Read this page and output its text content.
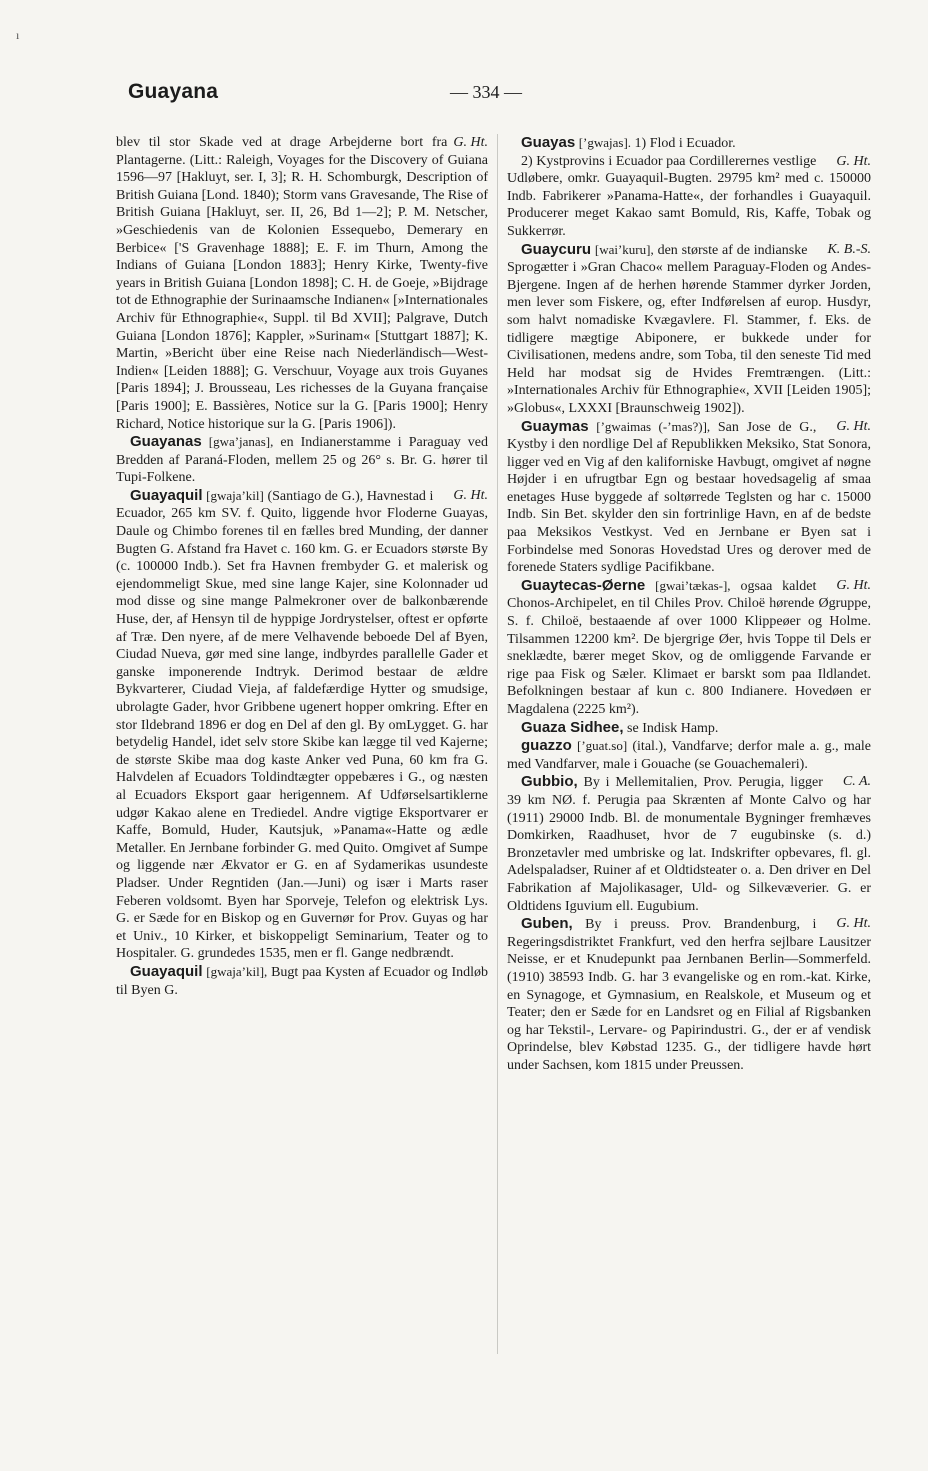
ı
Guayana	— 334 —

G. Ht.
blev til stor Skade ved at drage Arbejderne bort fra Plantagerne. (Litt.: Raleigh, Voyages for the Discovery of Guiana 1596—97 [Hakluyt, ser. I, 3]; R. H. Schomburgk, Description of British Guiana [Lond. 1840); Storm vans Gravesande, The Rise of British Guiana [Hakluyt, ser. II, 26, Bd 1—2]; P. M. Netscher, »Geschiedenis van de Kolonien Essequebo, Demerary en Berbice« ['S Gravenhage 1888]; E. F. im Thurn, Among the Indians of Guiana [London 1883]; Henry Kirke, Twenty-five years in British Guiana [London 1898]; C. H. de Goeje, »Bijdrage tot de Ethnographie der Surinaamsche Indianen« [»Internationales Archiv für Ethnographie«, Suppl. til Bd XVII]; Palgrave, Dutch Guiana [London 1876]; Kappler, »Surinam« [Stuttgart 1887]; K. Martin, »Bericht über eine Reise nach Niederländisch—West-Indien« [Leiden 1888]; G. Verschuur, Voyage aux trois Guyanes [Paris 1894]; J. Brousseau, Les richesses de la Guyana française [Paris 1900]; E. Bassières, Notice sur la G. [Paris 1900]; Henry Richard, Notice historique sur la G. [Paris 1906]).

Guayanas [gwaʼjanas], en Indianerstamme i Paraguay ved Bredden af Paraná-Floden, mellem 25 og 26° s. Br. G. hører til Tupi-Folkene.

G. Ht.
Guayaquil [gwajaʼkil] (Santiago de G.), Havnestad i Ecuador, 265 km SV. f. Quito, liggende hvor Floderne Guayas, Daule og Chimbo forenes til en fælles bred Munding, der danner Bugten G. Afstand fra Havet c. 160 km. G. er Ecuadors største By (c. 100000 Indb.). Set fra Havnen frembyder G. et malerisk og ejendommeligt Skue, med sine lange Kajer, sine Kolonnader ud mod disse og sine mange Palmekroner over de balkonbærende Huse, der, af Hensyn til de hyppige Jordrystelser, oftest er opførte af Træ. Den nyere, af de mere Velhavende beboede Del af Byen, Ciudad Nueva, gør med sine lange, indbyrdes parallelle Gader et ganske imponerende Indtryk. Derimod bestaar de ældre Bykvarterer, Ciudad Vieja, af faldefærdige Hytter og smudsige, ubrolagte Gader, hvor Gribbene ugenert hopper omkring. Efter en stor Ildebrand 1896 er dog en Del af den gl. By omLygget. G. har betydelig Handel, idet selv store Skibe kan lægge til ved Kajerne; de største Skibe maa dog kaste Anker ved Puna, 60 km fra G. Halvdelen af Ecuadors Toldindtægter oppebæres i G., og næsten al Ecuadors Eksport gaar herigennem. Af Udførselsartiklerne udgør Kakao alene en Trediedel. Andre vigtige Eksportvarer er Kaffe, Bomuld, Huder, Kautsjuk, »Panama«-Hatte og ædle Metaller. En Jernbane forbinder G. med Quito. Omgivet af Sumpe og liggende nær Ækvator er G. en af Sydamerikas usundeste Pladser. Under Regntiden (Jan.—Juni) og især i Marts raser Feberen voldsomt. Byen har Sporveje, Telefon og elektrisk Lys. G. er Sæde for en Biskop og en Guvernør for Prov. Guyas og har et Univ., 10 Kirker, et biskoppeligt Seminarium, Teater og to Hospitaler. G. grundedes 1535, men er fl. Gange nedbrændt.

Guayaquil [gwajaʼkil], Bugt paa Kysten af Ecuador og Indløb til Byen G.

Guayas [ʼgwajas]. 1) Flod i Ecuador.

G. Ht.
2) Kystprovins i Ecuador paa Cordillerernes vestlige Udløbere, omkr. Guayaquil-Bugten. 29795 km² med c. 150000 Indb. Fabrikerer »Panama-Hatte«, der forhandles i Guayaquil. Producerer meget Kakao samt Bomuld, Ris, Kaffe, Tobak og Sukkerrør.

K. B.-S.
Guaycuru [waiʼkuru], den største af de indianske Sprogætter i »Gran Chaco« mellem Paraguay-Floden og Andes-Bjergene. Ingen af de herhen hørende Stammer dyrker Jorden, men lever som Fiskere, og, efter Indførelsen af europ. Husdyr, som halvt nomadiske Kvægavlere. Fl. Stammer, f. Eks. de tidligere mægtige Abiponere, er bukkede under for Civilisationen, medens andre, som Toba, til den seneste Tid med Held har modsat sig de Hvides Fremtrængen. (Litt.: »Internationales Archiv für Ethnographie«, XVII [Leiden 1905]; »Globus«, LXXXI [Braunschweig 1902]).

G. Ht.
Guaymas [ʼgwaimas (-ʼmas?)], San Jose de G., Kystby i den nordlige Del af Republikken Meksiko, Stat Sonora, ligger ved en Vig af den kaliforniske Havbugt, omgivet af nøgne Højder i en ufrugtbar Egn og bestaar hovedsagelig af smaa enetages Huse byggede af soltørrede Teglsten og har c. 15000 Indb. Sin Bet. skylder den sin fortrinlige Havn, en af de bedste paa Meksikos Vestkyst. Ved en Jernbane er Byen sat i Forbindelse med Sonoras Hovedstad Ures og derover med de forenede Staters sydlige Pacifikbane.

G. Ht.
Guaytecas-Øerne [gwaiʼtækas-], ogsaa kaldet Chonos-Archipelet, en til Chiles Prov. Chiloë hørende Øgruppe, S. f. Chiloë, bestaaende af over 1000 Klippeøer og Holme. Tilsammen 12200 km². De bjergrige Øer, hvis Toppe til Dels er sneklædte, bærer meget Skov, og de omliggende Farvande er rige paa Fisk og Sæler. Klimaet er barskt som paa Ildlandet. Befolkningen bestaar af kun c. 800 Indianere. Hovedøen er Magdalena (2225 km²).

Guaza Sidhee, se Indisk Hamp.

guazzo [ʼguat.so] (ital.), Vandfarve; derfor male a. g., male med Vandfarver, male i Gouache (se Gouachemaleri).

C. A.
Gubbio, By i Mellemitalien, Prov. Perugia, ligger 39 km NØ. f. Perugia paa Skrænten af Monte Calvo og har (1911) 29000 Indb. Bl. de monumentale Bygninger fremhæves Domkirken, Raadhuset, hvor de 7 eugubinske (s. d.) Bronzetavler med umbriske og lat. Indskrifter opbevares, fl. gl. Adelspaladser, Ruiner af et Oldtidsteater o. a. Den driver en Del Fabrikation af Majolikasager, Uld- og Silkevæverier. G. er Oldtidens Iguvium ell. Eugubium.

G. Ht.
Guben, By i preuss. Prov. Brandenburg, i Regeringsdistriktet Frankfurt, ved den herfra sejlbare Lausitzer Neisse, er et Knudepunkt paa Jernbanen Berlin—Sommerfeld. (1910) 38593 Indb. G. har 3 evangeliske og en rom.-kat. Kirke, en Synagoge, et Gymnasium, en Realskole, et Museum og et Teater; den er Sæde for en Landsret og en Filial af Rigsbanken og har Tekstil-, Lervare- og Papirindustri. G., der er af vendisk Oprindelse, blev Købstad 1235. G., der tidligere havde hørt under Sachsen, kom 1815 under Preussen.
